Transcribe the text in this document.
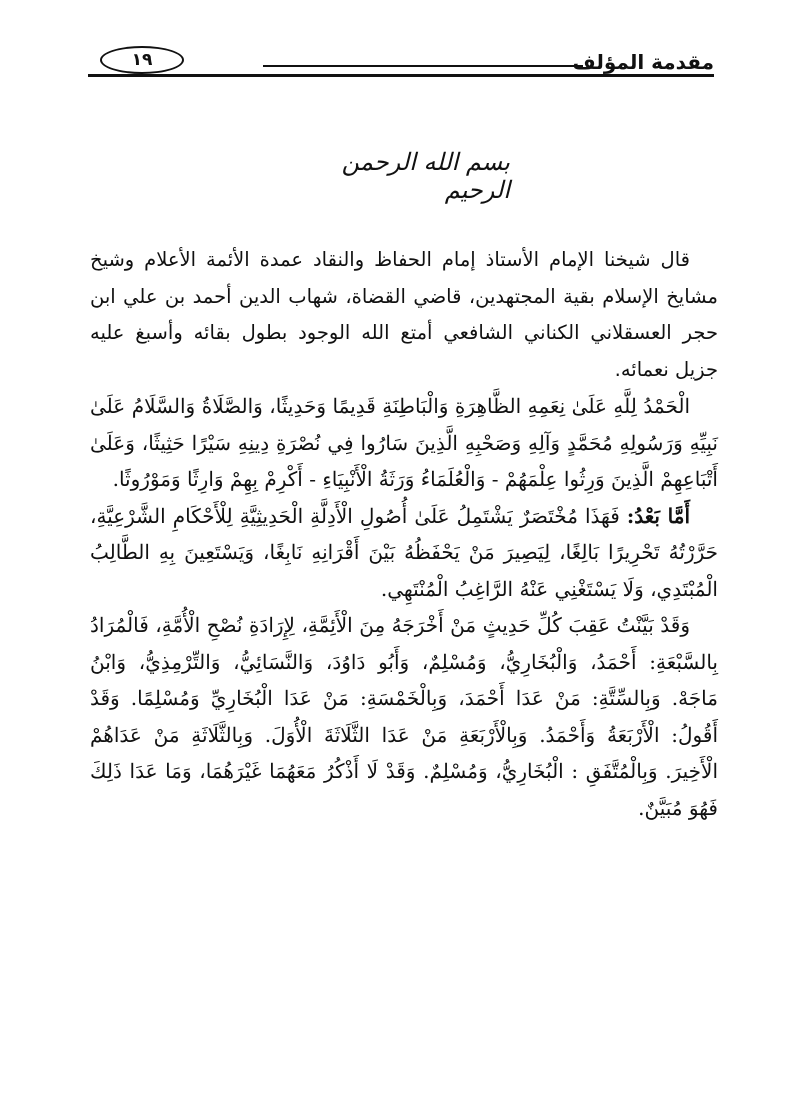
١٩	مقدمة المؤلف
بسم الله الرحمن الرحيم

قال شيخنا الإمام الأستاذ إمام الحفاظ والنقاد عمدة الأئمة الأعلام وشيخ مشايخ الإسلام بقية المجتهدين، قاضي القضاة، شهاب الدين أحمد بن علي ابن حجر العسقلاني الكناني الشافعي أمتع الله الوجود بطول بقائه وأسبغ عليه جزيل نعمائه.

الْحَمْدُ لِلَّهِ عَلَىٰ نِعَمِهِ الظَّاهِرَةِ وَالْبَاطِنَةِ قَدِيمًا وَحَدِيثًا، وَالصَّلَاةُ وَالسَّلَامُ عَلَىٰ نَبِيِّهِ وَرَسُولِهِ مُحَمَّدٍ وَآلِهِ وَصَحْبِهِ الَّذِينَ سَارُوا فِي نُصْرَةِ دِينِهِ سَيْرًا حَثِيثًا، وَعَلَىٰ أَتْبَاعِهِمْ الَّذِينَ وَرِثُوا عِلْمَهُمْ - وَالْعُلَمَاءُ وَرَثَةُ الْأَنْبِيَاءِ - أَكْرِمْ بِهِمْ وَارِثًا وَمَوْرُوثًا.

أَمَّا بَعْدُ: فَهَذَا مُخْتَصَرٌ يَشْتَمِلُ عَلَىٰ أُصُولِ الْأَدِلَّةِ الْحَدِيثِيَّةِ لِلْأَحْكَامِ الشَّرْعِيَّةِ، حَرَّرْتُهُ تَحْرِيرًا بَالِغًا، لِيَصِيرَ مَنْ يَحْفَظُهُ بَيْنَ أَقْرَانِهِ نَابِغًا، وَيَسْتَعِينَ بِهِ الطَّالِبُ الْمُبْتَدِي، وَلَا يَسْتَغْنِي عَنْهُ الرَّاغِبُ الْمُنْتَهِي.

وَقَدْ بَيَّنْتُ عَقِبَ كُلِّ حَدِيثٍ مَنْ أَخْرَجَهُ مِنَ الْأَئِمَّةِ، لِإِرَادَةِ نُصْحِ الْأُمَّةِ، فَالْمُرَادُ بِالسَّبْعَةِ: أَحْمَدُ، وَالْبُخَارِيُّ، وَمُسْلِمٌ، وَأَبُو دَاوُدَ، وَالنَّسَائِيُّ، وَالتِّرْمِذِيُّ، وَابْنُ مَاجَهْ. وَبِالسِّتَّةِ: مَنْ عَدَا أَحْمَدَ، وَبِالْخَمْسَةِ: مَنْ عَدَا الْبُخَارِيِّ وَمُسْلِمًا. وَقَدْ أَقُولُ: الْأَرْبَعَةُ وَأَحْمَدُ. وَبِالْأَرْبَعَةِ مَنْ عَدَا الثَّلَاثَةَ الْأُوَلَ. وَبِالثَّلَاثَةِ مَنْ عَدَاهُمْ الْأَخِيرَ. وَبِالْمُتَّفَقِ : الْبُخَارِيُّ، وَمُسْلِمٌ. وَقَدْ لَا أَذْكُرُ مَعَهُمَا غَيْرَهُمَا، وَمَا عَدَا ذَلِكَ فَهُوَ مُبَيَّنٌ.
